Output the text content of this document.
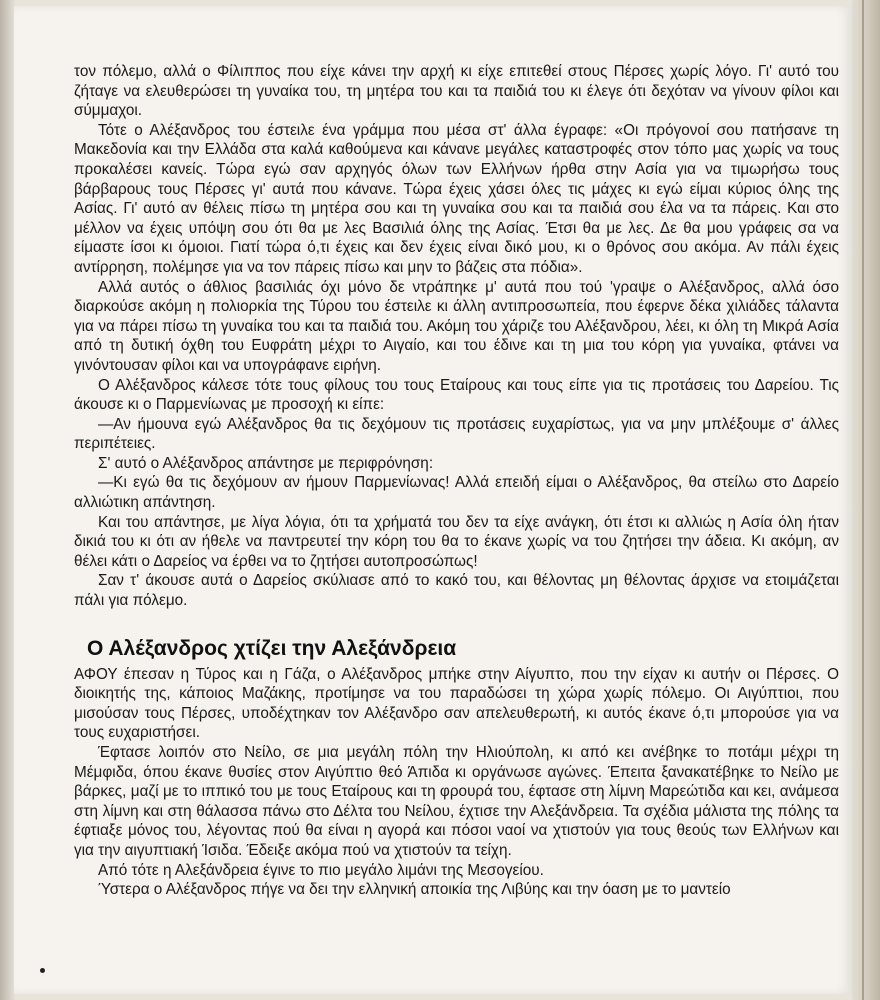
τον πόλεμο, αλλά ο Φίλιππος που είχε κάνει την αρχή κι είχε επιτεθεί στους Πέρσες χωρίς λόγο. Γι' αυτό του ζήταγε να ελευθερώσει τη γυναίκα του, τη μητέρα του και τα παιδιά του κι έλεγε ότι δεχόταν να γίνουν φίλοι και σύμμαχοι.

Τότε ο Αλέξανδρος του έστειλε ένα γράμμα που μέσα στ' άλλα έγραφε: «Οι πρόγονοί σου πατήσανε τη Μακεδονία και την Ελλάδα στα καλά καθούμενα και κάνανε μεγάλες καταστροφές στον τόπο μας χωρίς να τους προκαλέσει κανείς. Τώρα εγώ σαν αρχηγός όλων των Ελλήνων ήρθα στην Ασία για να τιμωρήσω τους βάρβαρους τους Πέρσες γι' αυτά που κάνανε. Τώρα έχεις χάσει όλες τις μάχες κι εγώ είμαι κύριος όλης της Ασίας. Γι' αυτό αν θέλεις πίσω τη μητέρα σου και τη γυναίκα σου και τα παιδιά σου έλα να τα πάρεις. Και στο μέλλον να έχεις υπόψη σου ότι θα με λες Βασιλιά όλης της Ασίας. Έτσι θα με λες. Δε θα μου γράφεις σα να είμαστε ίσοι κι όμοιοι. Γιατί τώρα ό,τι έχεις και δεν έχεις είναι δικό μου, κι ο θρόνος σου ακόμα. Αν πάλι έχεις αντίρρηση, πολέμησε για να τον πάρεις πίσω και μην το βάζεις στα πόδια».

Αλλά αυτός ο άθλιος βασιλιάς όχι μόνο δε ντράπηκε μ' αυτά που τού 'γραψε ο Αλέξανδρος, αλλά όσο διαρκούσε ακόμη η πολιορκία της Τύρου του έστειλε κι άλλη αντιπροσωπεία, που έφερνε δέκα χιλιάδες τάλαντα για να πάρει πίσω τη γυναίκα του και τα παιδιά του. Ακόμη του χάριζε του Αλέξανδρου, λέει, κι όλη τη Μικρά Ασία από τη δυτική όχθη του Ευφράτη μέχρι το Αιγαίο, και του έδινε και τη μια του κόρη για γυναίκα, φτάνει να γινόντουσαν φίλοι και να υπογράφανε ειρήνη.

Ο Αλέξανδρος κάλεσε τότε τους φίλους του τους Εταίρους και τους είπε για τις προτάσεις του Δαρείου. Τις άκουσε κι ο Παρμενίωνας με προσοχή κι είπε:

—Αν ήμουνα εγώ Αλέξανδρος θα τις δεχόμουν τις προτάσεις ευχαρίστως, για να μην μπλέξουμε σ' άλλες περιπέτειες.

Σ' αυτό ο Αλέξανδρος απάντησε με περιφρόνηση:

—Κι εγώ θα τις δεχόμουν αν ήμουν Παρμενίωνας! Αλλά επειδή είμαι ο Αλέξανδρος, θα στείλω στο Δαρείο αλλιώτικη απάντηση.

Και του απάντησε, με λίγα λόγια, ότι τα χρήματά του δεν τα είχε ανάγκη, ότι έτσι κι αλλιώς η Ασία όλη ήταν δικιά του κι ότι αν ήθελε να παντρευτεί την κόρη του θα το έκανε χωρίς να του ζητήσει την άδεια. Κι ακόμη, αν θέλει κάτι ο Δαρείος να έρθει να το ζητήσει αυτοπροσώπως!

Σαν τ' άκουσε αυτά ο Δαρείος σκύλιασε από το κακό του, και θέλοντας μη θέλοντας άρχισε να ετοιμάζεται πάλι για πόλεμο.

Ο Αλέξανδρος χτίζει την Αλεξάνδρεια

ΑΦΟΥ έπεσαν η Τύρος και η Γάζα, ο Αλέξανδρος μπήκε στην Αίγυπτο, που την είχαν κι αυτήν οι Πέρσες. Ο διοικητής της, κάποιος Μαζάκης, προτίμησε να του παραδώσει τη χώρα χωρίς πόλεμο. Οι Αιγύπτιοι, που μισούσαν τους Πέρσες, υποδέχτηκαν τον Αλέξανδρο σαν απελευθερωτή, κι αυτός έκανε ό,τι μπορούσε για να τους ευχαριστήσει.

Έφτασε λοιπόν στο Νείλο, σε μια μεγάλη πόλη την Ηλιούπολη, κι από κει ανέβηκε το ποτάμι μέχρι τη Μέμφιδα, όπου έκανε θυσίες στον Αιγύπτιο θεό Άπιδα κι οργάνωσε αγώνες. Έπειτα ξανακατέβηκε το Νείλο με βάρκες, μαζί με το ιππικό του με τους Εταίρους και τη φρουρά του, έφτασε στη λίμνη Μαρεώτιδα και κει, ανάμεσα στη λίμνη και στη θάλασσα πάνω στο Δέλτα του Νείλου, έχτισε την Αλεξάνδρεια. Τα σχέδια μάλιστα της πόλης τα έφτιαξε μόνος του, λέγοντας πού θα είναι η αγορά και πόσοι ναοί να χτιστούν για τους θεούς των Ελλήνων και για την αιγυπτιακή Ίσιδα. Έδειξε ακόμα πού να χτιστούν τα τείχη.

Από τότε η Αλεξάνδρεια έγινε το πιο μεγάλο λιμάνι της Μεσογείου.

Ύστερα ο Αλέξανδρος πήγε να δει την ελληνική αποικία της Λιβύης και την όαση με το μαντείο
